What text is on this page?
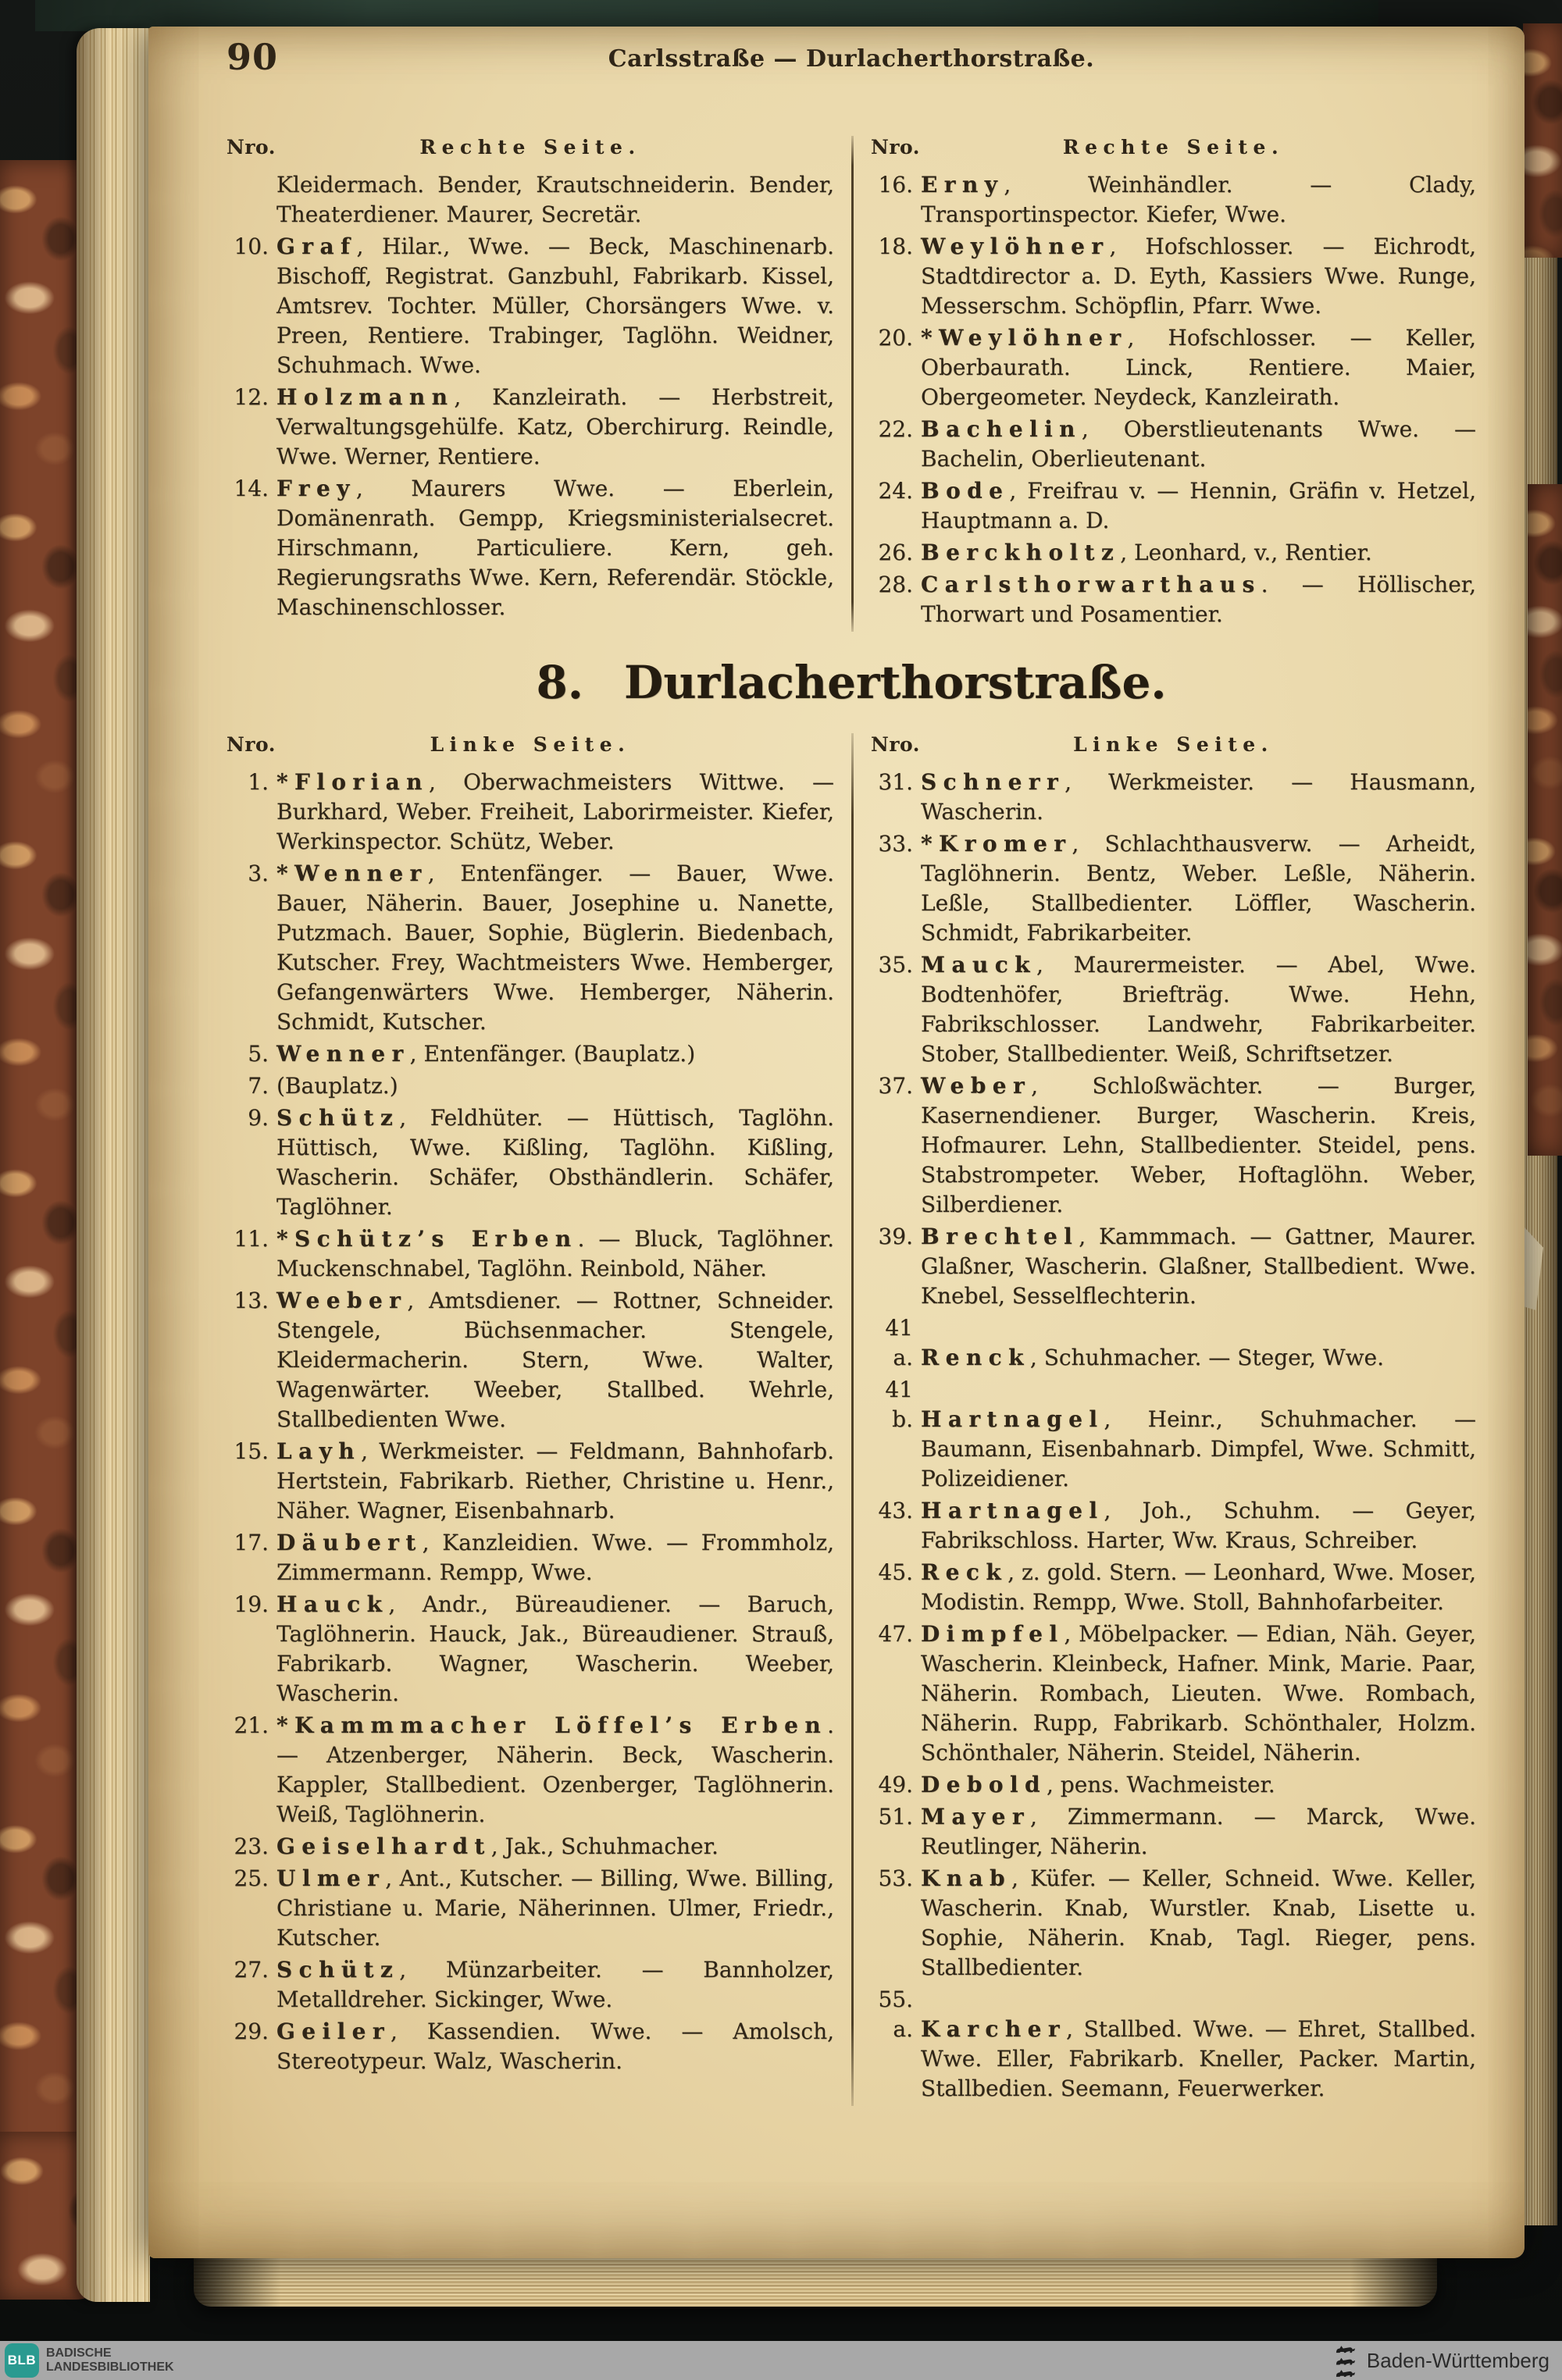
90	Carlsstraße — Durlacherthorstraße.
Nro.	Rechte Seite.
Kleidermach. Bender, Krautschneiderin. Bender, Theaterdiener. Maurer, Secretär.
10. Graf, Hilar., Wwe. — Beck, Maschinenarb. Bischoff, Registrat. Ganzbuhl, Fabrikarb. Kissel, Amtsrev. Tochter. Müller, Chorsängers Wwe. v. Preen, Rentiere. Trabinger, Taglöhn. Weidner, Schuhmach. Wwe.
12. Holzmann, Kanzleirath. — Herbstreit, Verwaltungsgehülfe. Katz, Oberchirurg. Reindle, Wwe. Werner, Rentiere.
14. Frey, Maurers Wwe. — Eberlein, Domänenrath. Gempp, Kriegsministerialsecret. Hirschmann, Particuliere. Kern, geh. Regierungsraths Wwe. Kern, Referendär. Stöckle, Maschinenschlosser.
Nro.	Rechte Seite.
16. Erny, Weinhändler. — Clady, Transportinspector. Kiefer, Wwe.
18. Weylöhner, Hofschlosser. — Eichrodt, Stadtdirector a. D. Eyth, Kassiers Wwe. Runge, Messerschm. Schöpflin, Pfarr. Wwe.
20. *Weylöhner, Hofschlosser. — Keller, Oberbaurath. Linck, Rentiere. Maier, Obergeometer. Neydeck, Kanzleirath.
22. Bachelin, Oberstlieutenants Wwe. — Bachelin, Oberlieutenant.
24. Bode, Freifrau v. — Hennin, Gräfin v. Hetzel, Hauptmann a. D.
26. Berckholtz, Leonhard, v., Rentier.
28. Carlsthorwarthaus. — Höllischer, Thorwart und Posamentier.
8. Durlacherthorstraße.
Nro.	Linke Seite.
1. *Florian, Oberwachmeisters Wittwe. — Burkhard, Weber. Freiheit, Laborirmeister. Kiefer, Werkinspector. Schütz, Weber.
3. *Wenner, Entenfänger. — Bauer, Wwe. Bauer, Näherin. Bauer, Josephine u. Nanette, Putzmach. Bauer, Sophie, Büglerin. Biedenbach, Kutscher. Frey, Wachtmeisters Wwe. Hemberger, Gefangenwärters Wwe. Hemberger, Näherin. Schmidt, Kutscher.
5. Wenner, Entenfänger. (Bauplatz.)
7. (Bauplatz.)
9. Schütz, Feldhüter. — Hüttisch, Taglöhn. Hüttisch, Wwe. Kißling, Taglöhn. Kißling, Wascherin. Schäfer, Obsthändlerin. Schäfer, Taglöhner.
11. *Schütz’s Erben. — Bluck, Taglöhner. Muckenschnabel, Taglöhn. Reinbold, Näher.
13. Weeber, Amtsdiener. — Rottner, Schneider. Stengele, Büchsenmacher. Stengele, Kleidermacherin. Stern, Wwe. Walter, Wagenwärter. Weeber, Stallbed. Wehrle, Stallbedienten Wwe.
15. Layh, Werkmeister. — Feldmann, Bahnhofarb. Hertstein, Fabrikarb. Riether, Christine u. Henr., Näher. Wagner, Eisenbahnarb.
17. Däubert, Kanzleidien. Wwe. — Frommholz, Zimmermann. Rempp, Wwe.
19. Hauck, Andr., Büreaudiener. — Baruch, Taglöhnerin. Hauck, Jak., Büreaudiener. Strauß, Fabrikarb. Wagner, Wascherin. Weeber, Wascherin.
21. *Kammmacher Löffel’s Erben. — Atzenberger, Näherin. Beck, Wascherin. Kappler, Stallbedient. Ozenberger, Taglöhnerin. Weiß, Taglöhnerin.
23. Geiselhardt, Jak., Schuhmacher.
25. Ulmer, Ant., Kutscher. — Billing, Wwe. Billing, Christiane u. Marie, Näherinnen. Ulmer, Friedr., Kutscher.
27. Schütz, Münzarbeiter. — Bannholzer, Metalldreher. Sickinger, Wwe.
29. Geiler, Kassendien. Wwe. — Amolsch, Stereotypeur. Walz, Wascherin.
Nro.	Linke Seite.
31. Schnerr, Werkmeister. — Hausmann, Wascherin.
33. *Kromer, Schlachthausverw. — Arheidt, Taglöhnerin. Bentz, Weber. Leßle, Näherin. Leßle, Stallbedienter. Löffler, Wascherin. Schmidt, Fabrikarbeiter.
35. Mauck, Maurermeister. — Abel, Wwe. Bodtenhöfer, Briefträg. Wwe. Hehn, Fabrikschlosser. Landwehr, Fabrikarbeiter. Stober, Stallbedienter. Weiß, Schriftsetzer.
37. Weber, Schloßwächter. — Burger, Kasernendiener. Burger, Wascherin. Kreis, Hofmaurer. Lehn, Stallbedienter. Steidel, pens. Stabstrompeter. Weber, Hoftaglöhn. Weber, Silberdiener.
39. Brechtel, Kammmach. — Gattner, Maurer. Glaßner, Wascherin. Glaßner, Stallbedient. Wwe. Knebel, Sesselflechterin.
41 a. Renck, Schuhmacher. — Steger, Wwe.
41 b. Hartnagel, Heinr., Schuhmacher. — Baumann, Eisenbahnarb. Dimpfel, Wwe. Schmitt, Polizeidiener.
43. Hartnagel, Joh., Schuhm. — Geyer, Fabrikschloss. Harter, Ww. Kraus, Schreiber.
45. Reck, z. gold. Stern. — Leonhard, Wwe. Moser, Modistin. Rempp, Wwe. Stoll, Bahnhofarbeiter.
47. Dimpfel, Möbelpacker. — Edian, Näh. Geyer, Wascherin. Kleinbeck, Hafner. Mink, Marie. Paar, Näherin. Rombach, Lieuten. Wwe. Rombach, Näherin. Rupp, Fabrikarb. Schönthaler, Holzm. Schönthaler, Näherin. Steidel, Näherin.
49. Debold, pens. Wachmeister.
51. Mayer, Zimmermann. — Marck, Wwe. Reutlinger, Näherin.
53. Knab, Küfer. — Keller, Schneid. Wwe. Keller, Wascherin. Knab, Wurstler. Knab, Lisette u. Sophie, Näherin. Knab, Tagl. Rieger, pens. Stallbedienter.
55. a. Karcher, Stallbed. Wwe. — Ehret, Stallbed. Wwe. Eller, Fabrikarb. Kneller, Packer. Martin, Stallbedien. Seemann, Feuerwerker.
BLB BADISCHE
LANDESBIBLIOTHEK	Baden-Württemberg
